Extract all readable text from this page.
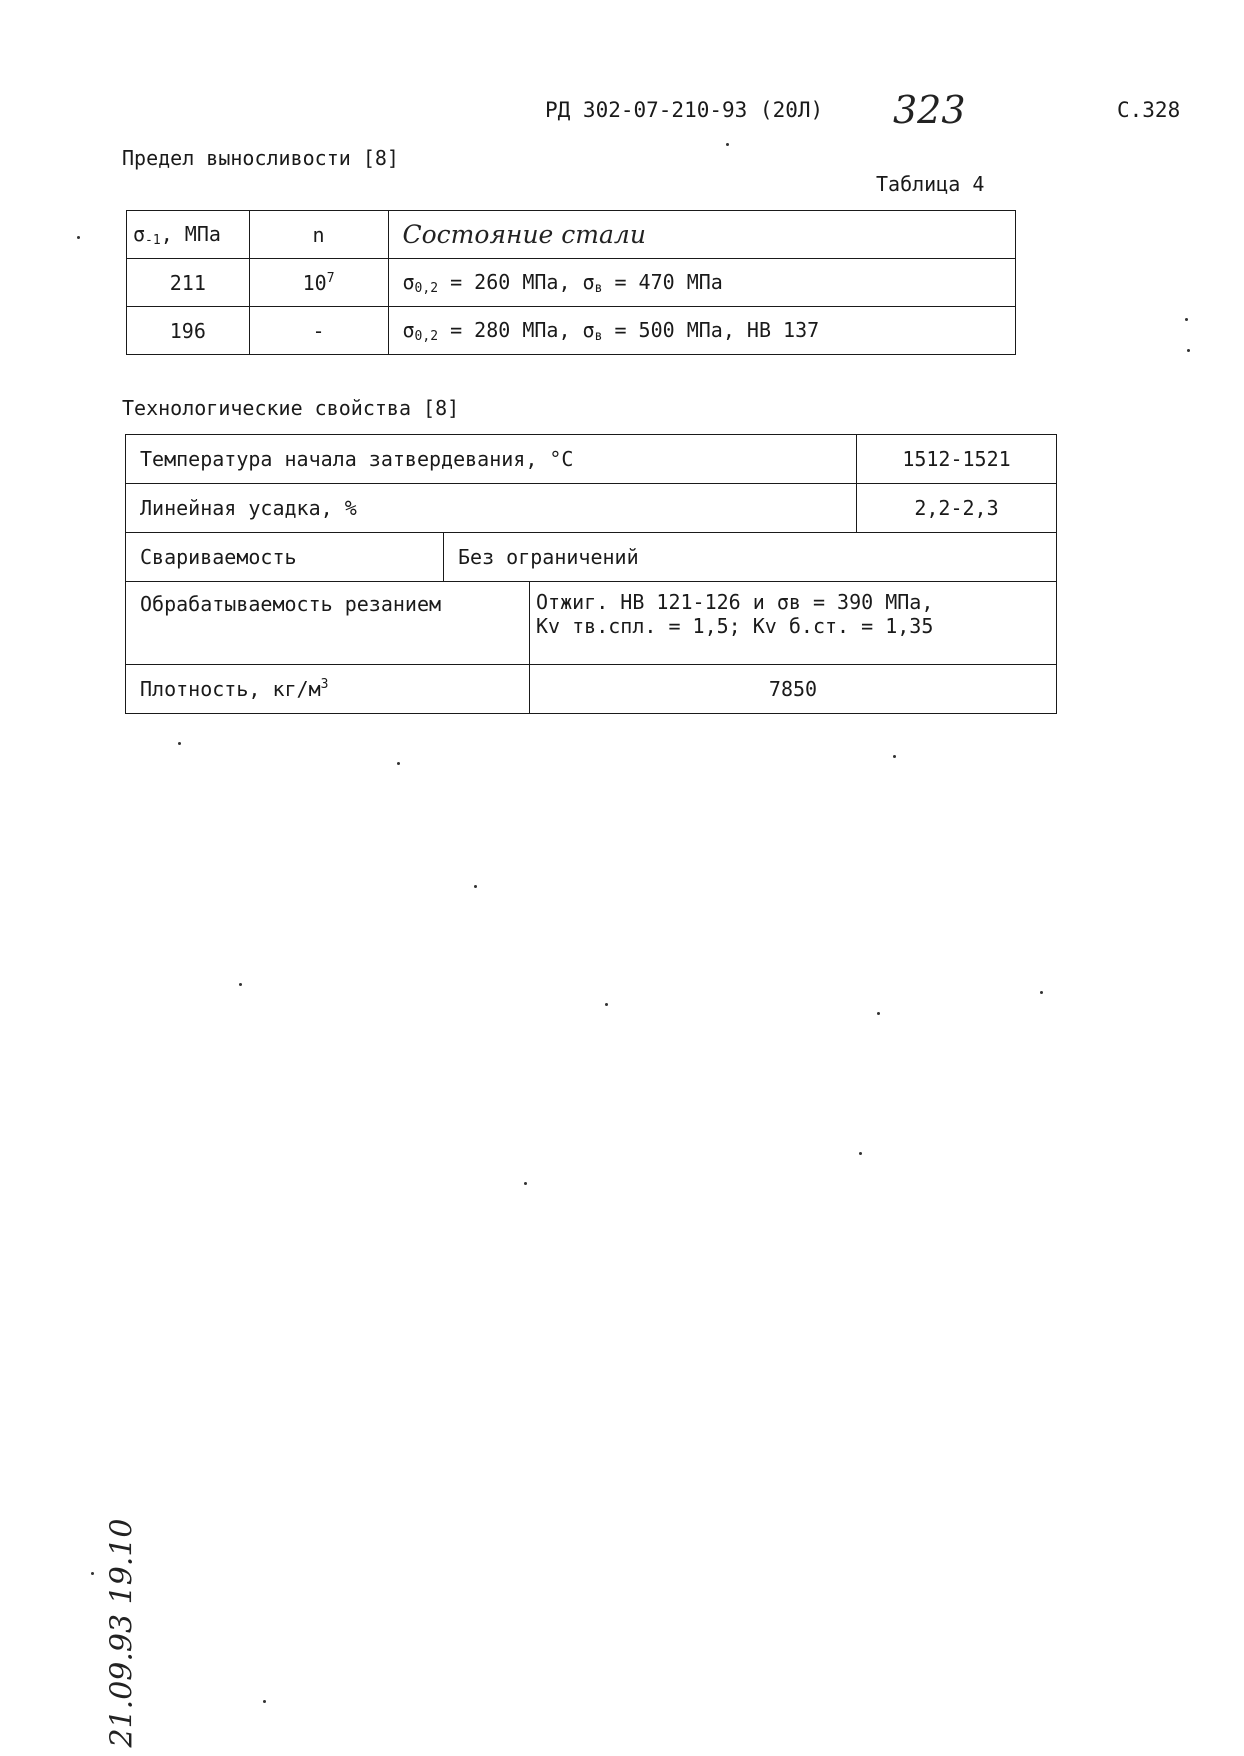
РД 302-07-210-93 (20Л) 323	С.328
Предел выносливости [8]
Таблица 4
$\sigma_{-1}$, МПа	n	Состояние стали
211	$10^7$	$\sigma_{0,2} = 260$ МПа, $\sigma_в = 470$ МПа
196	-	$\sigma_{0,2} = 280$ МПа, $\sigma_в = 500$ МПа, НВ 137
Технологические свойства [8]
Температура начала затвердевания, °С			1512-1521
Линейная усадка, %			2,2-2,3
Свариваемость	Без ограничений		
Обрабатываемость резанием		Отжиг. НВ 121-126 и σв = 390 МПа,
Kv тв.спл. = 1,5; Kv б.ст. = 1,35	

Плотность, $кг/м^3$		7850	
21.09.93 19.10
